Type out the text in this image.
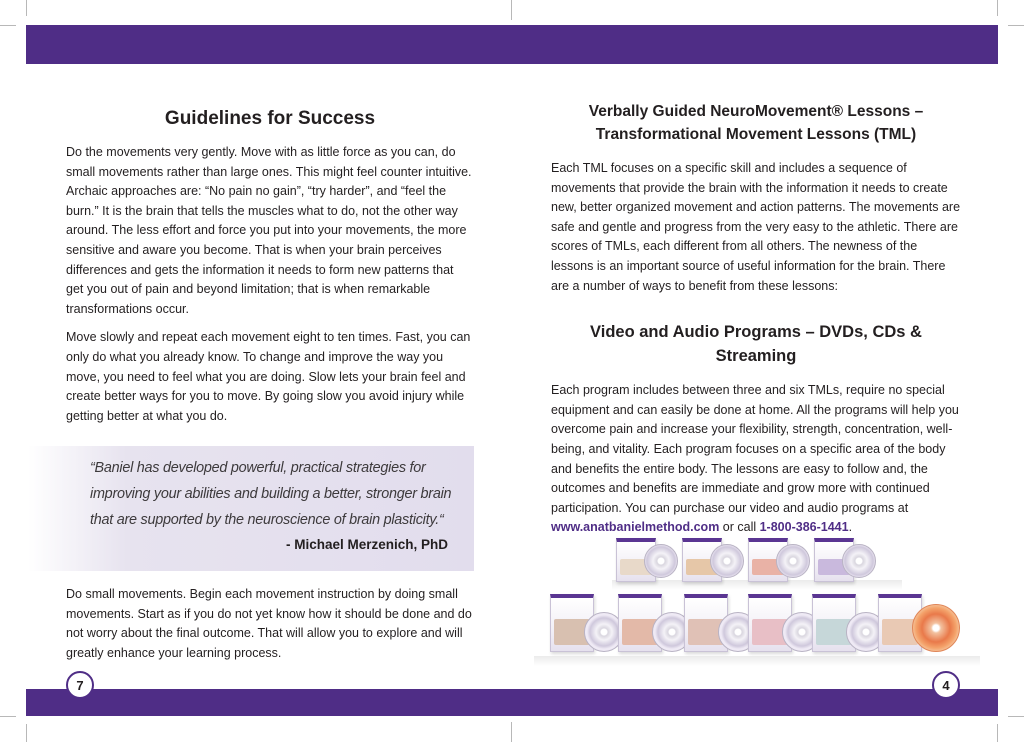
Guidelines for Success

Do the movements very gently. Move with as little force as you can, do small movements rather than large ones. This might feel counter intuitive. Archaic approaches are: “No pain no gain”, “try harder”, and “feel the burn.” It is the brain that tells the muscles what to do, not the other way around. The less effort and force you put into your movements, the more sensitive and aware you become. That is when your brain perceives differences and gets the information it needs to form new patterns that get you out of pain and beyond limitation; that is when remarkable transformations occur.

Move slowly and repeat each movement eight to ten times. Fast, you can only do what you already know. To change and improve the way you move, you need to feel what you are doing. Slow lets your brain feel and create better ways for you to move. By going slow you avoid injury while getting better at what you do.

“Baniel has developed powerful, practical strategies for improving your abilities and building a better, stronger brain that are supported by the neuroscience of brain plasticity.“
- Michael Merzenich, PhD

Do small movements. Begin each movement instruction by doing small movements. Start as if you do not yet know how it should be done and do not worry about the final outcome. That will allow you to explore and will greatly enhance your learning process.

7
Verbally Guided NeuroMovement® Lessons –
Transformational Movement Lessons (TML)

Each TML focuses on a specific skill and includes a sequence of movements that provide the brain with the information it needs to create new, better organized movement and action patterns. The movements are safe and gentle and progress from the very easy to the athletic. There are scores of TMLs, each different from all others. The newness of the lessons is an important source of useful information for the brain. There are a number of ways to benefit from these lessons:

Video and Audio Programs – DVDs, CDs & Streaming

Each program includes between three and six TMLs, require no special equipment and can easily be done at home. All the programs will help you overcome pain and increase your flexibility, strength, concentration, well-being, and vitality. Each program focuses on a specific area of the body and benefits the entire body. The lessons are easy to follow and, the outcomes and benefits are immediate and grow more with continued participation. You can purchase our video and audio programs at www.anatbanielmethod.com or call 1-800-386-1441.

4
